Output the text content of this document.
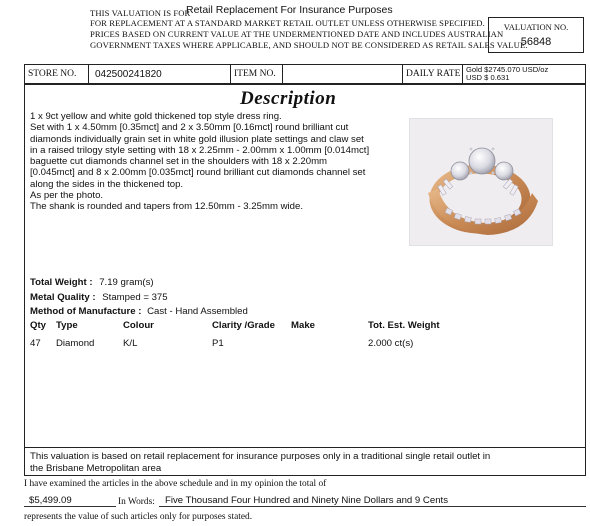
THIS VALUATION IS FOR
Retail Replacement For Insurance Purposes
FOR REPLACEMENT AT A STANDARD MARKET RETAIL OUTLET UNLESS OTHERWISE SPECIFIED.
PRICES BASED ON CURRENT VALUE AT THE UNDERMENTIONED DATE AND INCLUDES AUSTRALIAN
GOVERNMENT TAXES WHERE APPLICABLE, AND SHOULD NOT BE CONSIDERED AS RETAIL SALES VALUE.
VALUATION NO.
56848
STORE NO.	042500241820	ITEM NO.	DAILY RATE Gold $2745.070 USD/oz
USD $ 0.631
Description
1 x 9ct yellow and white gold thickened top style dress ring.
Set with 1 x 4.50mm [0.35mct] and 2 x 3.50mm [0.16mct] round brilliant cut
diamonds individually grain set in white gold illusion plate settings and claw set
in a raised trilogy style setting with 18 x 2.25mm - 2.00mm x 1.00mm [0.014mct]
baguette cut diamonds channel set in the shoulders with 18 x 2.20mm
[0.045mct] and 8 x 2.00mm [0.035mct] round brilliant cut diamonds channel set
along the sides in the thickened top.
As per the photo.
The shank is rounded and tapers from 12.50mm - 3.25mm wide.
Total Weight : 7.19 gram(s)
Metal Quality : Stamped = 375
Method of Manufacture : Cast - Hand Assembled
Qty Type	Colour	Clarity /Grade Make	Tot. Est. Weight
47 Diamond	K/L	P1	2.000 ct(s)
This valuation is based on retail replacement for insurance purposes only in a traditional single retail outlet in
the Brisbane Metropolitan area
I have examined the articles in the above schedule and in my opinion the total of
$5,499.09	In Words:	Five Thousand Four Hundred and Ninety Nine Dollars and 9 Cents
represents the value of such articles only for purposes stated.
